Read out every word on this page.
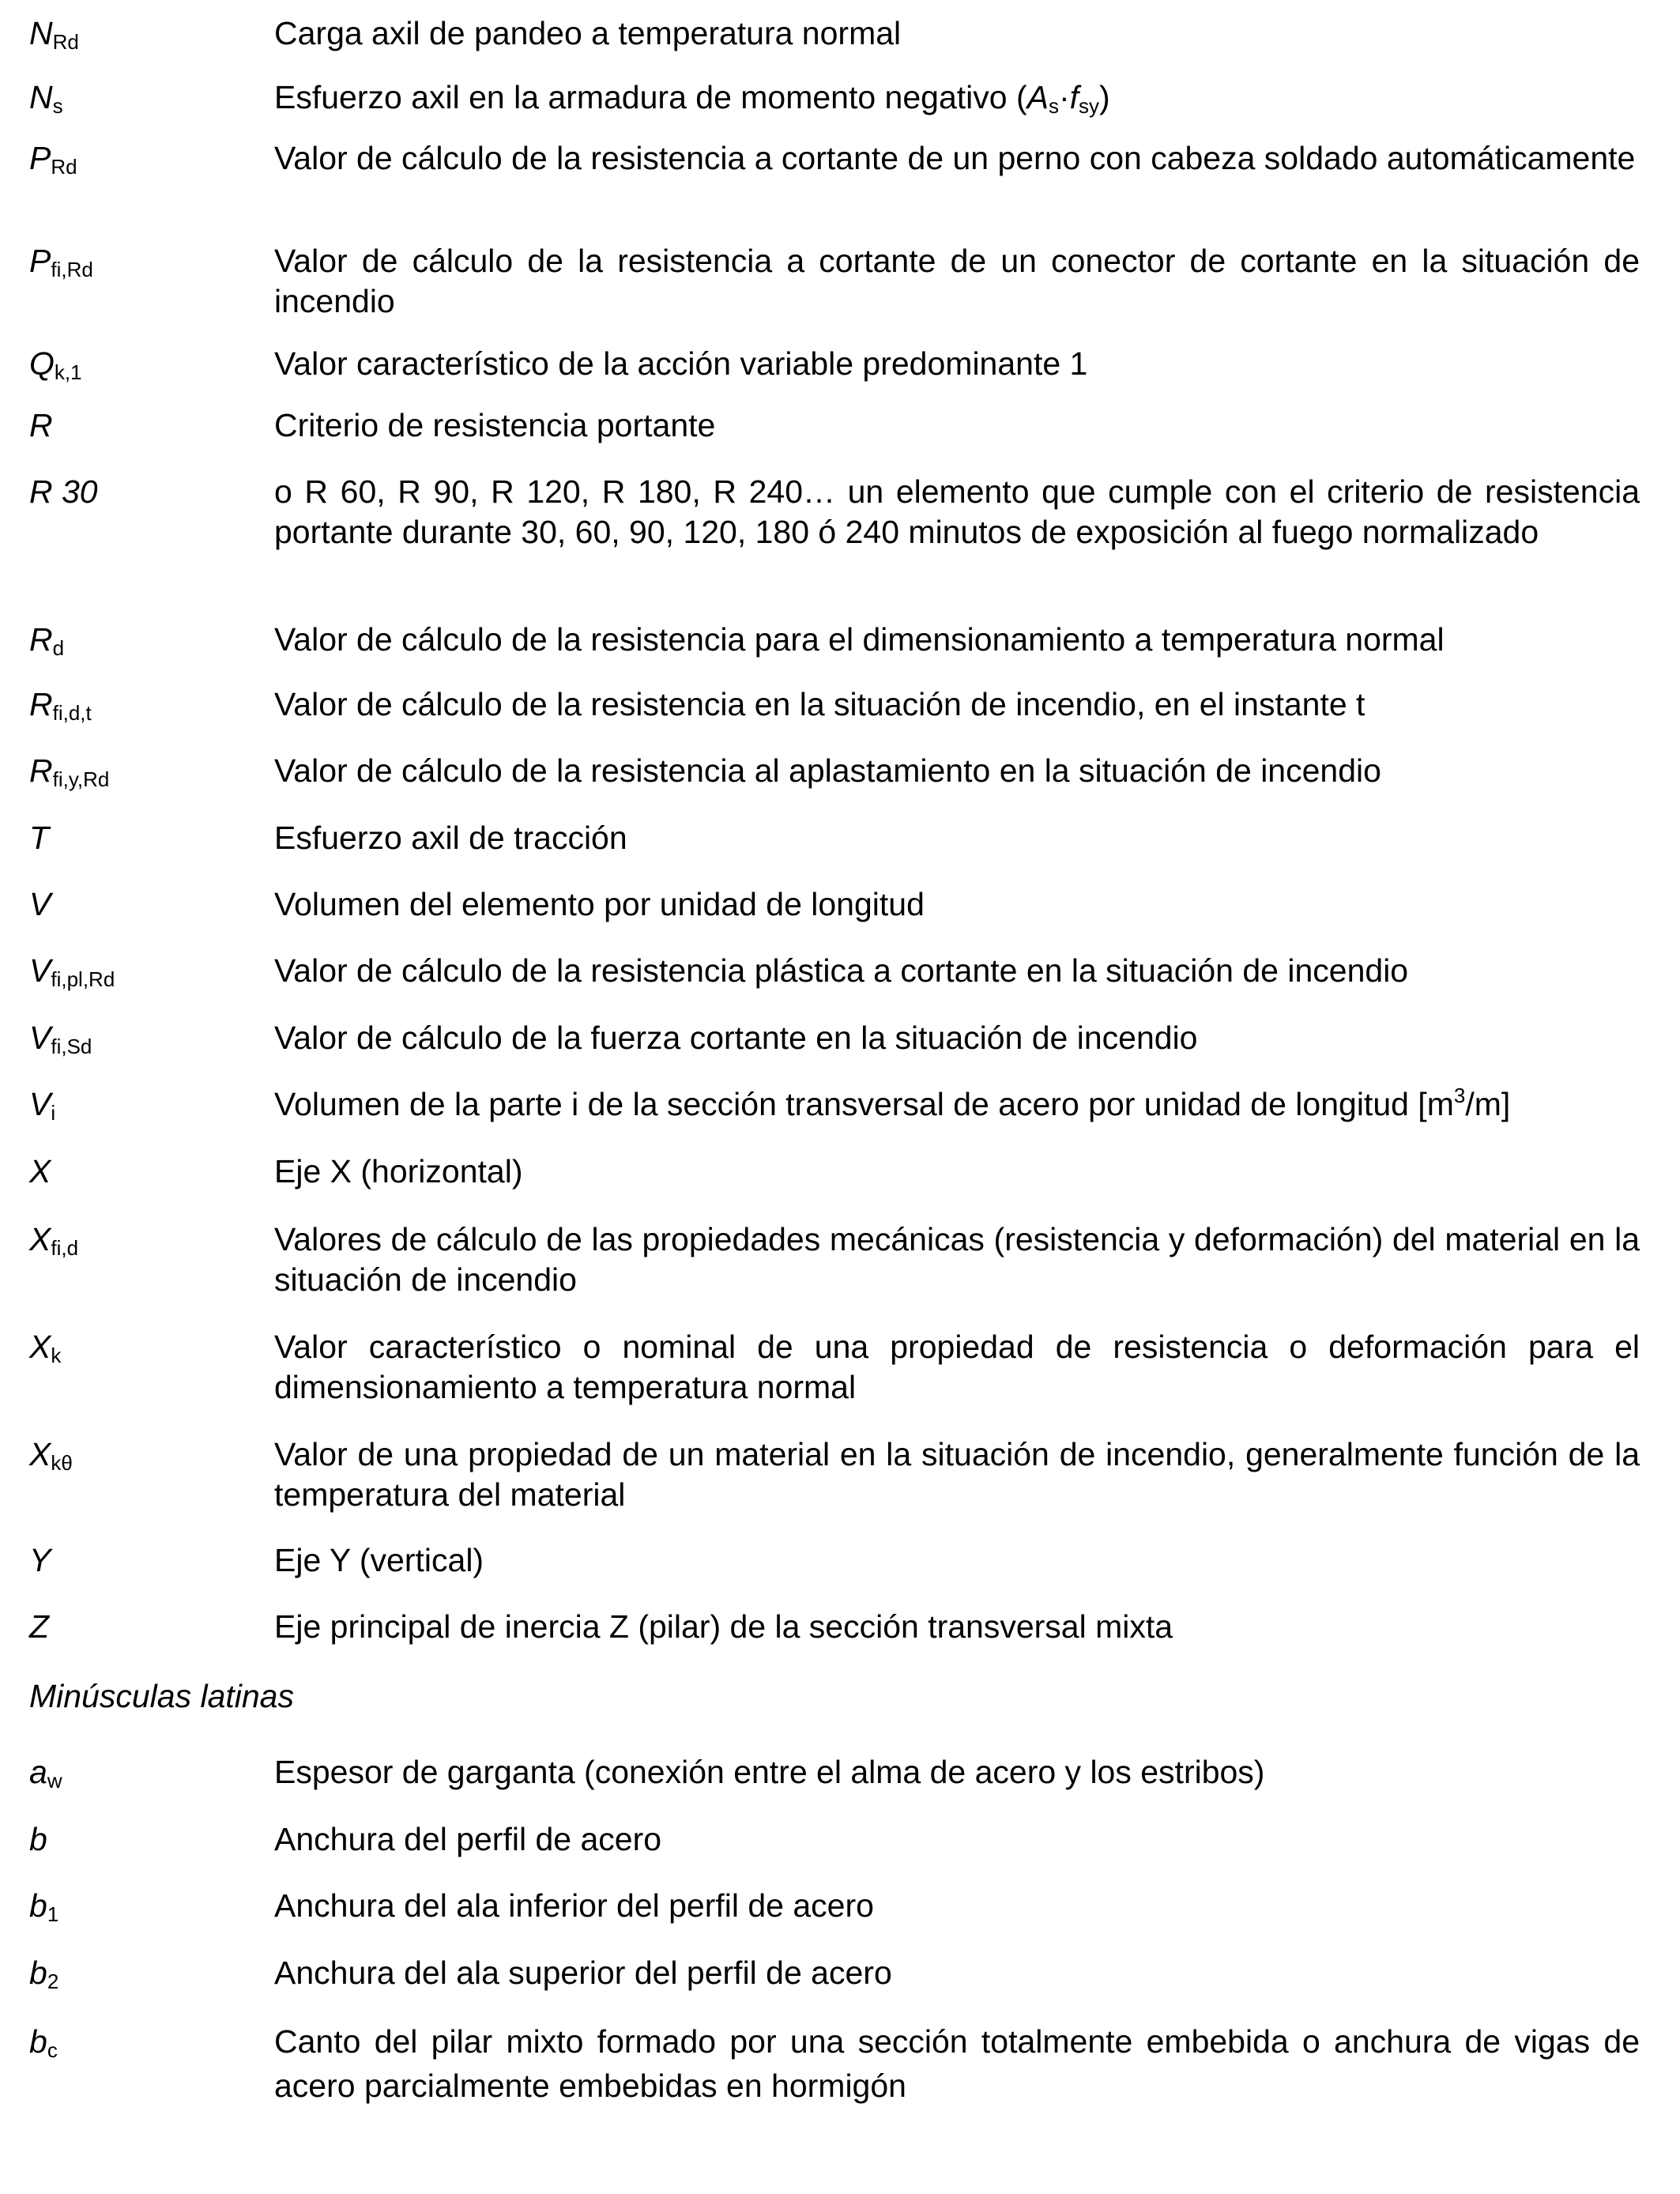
$N_{Rd}$	Carga axil de pandeo a temperatura normal
$N_s$	Esfuerzo axil en la armadura de momento negativo $(A_s\cdot f_{sy})$
$P_{Rd}$	Valor de cálculo de la resistencia a cortante de un perno con cabeza soldado automáticamente
$P_{fi,Rd}$	Valor de cálculo de la resistencia a cortante de un conector de cortante en la situación de incendio
$Q_{k,1}$	Valor característico de la acción variable predominante 1
R	Criterio de resistencia portante
R 30	o R 60, R 90, R 120, R 180, R 240… un elemento que cumple con el criterio de resistencia portante durante 30, 60, 90, 120, 180 ó 240 minutos de exposición al fuego normalizado
$R_d$	Valor de cálculo de la resistencia para el dimensionamiento a temperatura normal
$R_{fi,d,t}$	Valor de cálculo de la resistencia en la situación de incendio, en el instante t
$R_{fi,y,Rd}$	Valor de cálculo de la resistencia al aplastamiento en la situación de incendio
T	Esfuerzo axil de tracción
V	Volumen del elemento por unidad de longitud
$V_{fi,pl,Rd}$	Valor de cálculo de la resistencia plástica a cortante en la situación de incendio
$V_{fi,Sd}$	Valor de cálculo de la fuerza cortante en la situación de incendio
$V_i$	Volumen de la parte i de la sección transversal de acero por unidad de longitud $[m^3/m]$
X	Eje X (horizontal)
$X_{fi,d}$	Valores de cálculo de las propiedades mecánicas (resistencia y deformación) del material en la situación de incendio
$X_k$	Valor característico o nominal de una propiedad de resistencia o deformación para el dimensionamiento a temperatura normal
$X_{k\theta}$	Valor de una propiedad de un material en la situación de incendio, generalmente función de la temperatura del material
Y	Eje Y (vertical)
Z	Eje principal de inercia Z (pilar) de la sección transversal mixta
Minúsculas latinas
$a_w$	Espesor de garganta (conexión entre el alma de acero y los estribos)
b	Anchura del perfil de acero
$b_1$	Anchura del ala inferior del perfil de acero
$b_2$	Anchura del ala superior del perfil de acero
$b_c$	Canto del pilar mixto formado por una sección totalmente embebida o anchura de vigas de acero parcialmente embebidas en hormigón
